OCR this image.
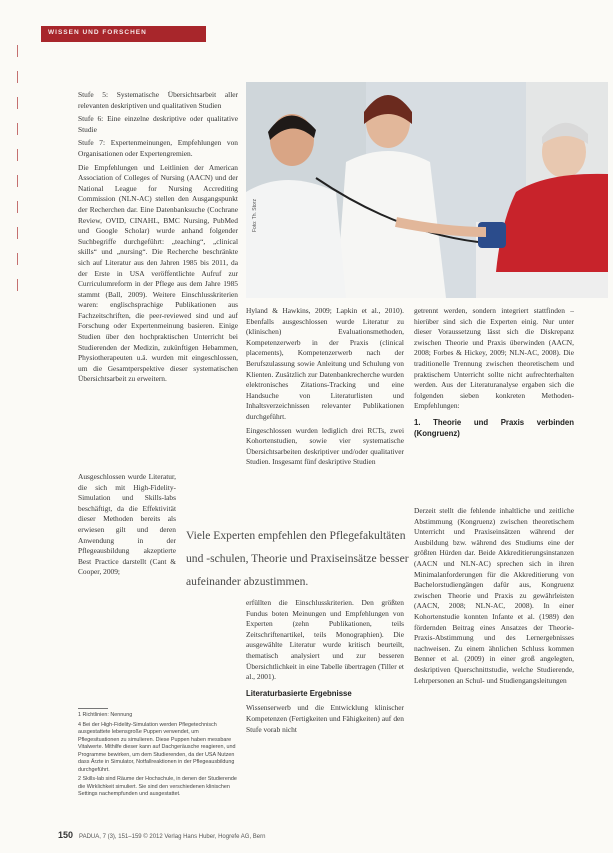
WISSEN UND FORSCHEN
Foto: Th. Storz

Stufe 5: Systematische Übersichtsarbeit aller relevanten deskriptiven und qualitativen Studien

Stufe 6: Eine einzelne deskriptive oder qualitative Studie

Stufe 7: Expertenmeinungen, Empfehlungen von Organisationen oder Expertengremien.

Die Empfehlungen und Leitlinien der American Association of Colleges of Nursing (AACN) und der National League for Nursing Accrediting Commission (NLN-AC) stellen den Ausgangspunkt der Recherchen dar. Eine Datenbanksuche (Cochrane Review, OVID, CINAHL, BMC Nursing, PubMed und Google Scholar) wurde anhand folgender Suchbegriffe durchgeführt: „teaching“, „clinical skills“ und „nursing“. Die Recherche beschränkte sich auf Literatur aus den Jahren 1985 bis 2011, da der Erste in USA veröffentlichte Aufruf zur Curriculumreform in der Pflege aus dem Jahre 1985 stammt (Ball, 2009). Weitere Einschlusskriterien waren: englischsprachige Publikationen aus Fachzeitschriften, die peer-reviewed sind und auf Forschung oder Expertenmeinung basieren. Einige Studien über den hochpraktischen Unterricht bei Studierenden der Medizin, zukünftigen Hebammen, Physiotherapeuten u.ä. wurden mit eingeschlossen, um die Gesamtperspektive dieser systematischen Übersichtsarbeit zu erweitern.

Ausgeschlossen wurde Literatur, die sich mit High-Fidelity-Simulation und Skills-labs beschäftigt, da die Effektivität dieser Methoden bereits als erwiesen gilt und deren Anwendung in der Pflegeausbildung akzeptierte Best Practice darstellt (Cant & Cooper, 2009;

Hyland & Hawkins, 2009; Lapkin et al., 2010). Ebenfalls ausgeschlossen wurde Literatur zu (klinischen) Evaluationsmethoden, Kompetenzerwerb in der Praxis (clinical placements), Kompetenzerwerb nach der Berufszulassung sowie Anleitung und Schulung von Klienten. Zusätzlich zur Datenbankrecherche wurden elektronisches Zitations-Tracking und eine Handsuche von Literaturlisten und Inhaltsverzeichnissen relevanter Publikationen durchgeführt.

Eingeschlossen wurden lediglich drei RCTs, zwei Kohortenstudien, sowie vier systematische Übersichtsarbeiten deskriptiver und/oder qualitativer Studien. Insgesamt fünf deskriptive Studien

Viele Experten empfehlen den Pflegefakultäten und -schulen, Theorie und Praxiseinsätze besser aufeinander abzustimmen.

erfüllten die Einschlusskriterien. Den größten Fundus boten Meinungen und Empfehlungen von Experten (zehn Publikationen, teils Zeitschriftenartikel, teils Monographien). Die ausgewählte Literatur wurde kritisch beurteilt, thematisch analysiert und zur besseren Übersichtlichkeit in eine Tabelle übertragen (Tiller et al., 2001).

Literaturbasierte Ergebnisse

Wissenserwerb und die Entwicklung klinischer Kompetenzen (Fertigkeiten und Fähigkeiten) auf den Stufe vorab nicht

getrennt werden, sondern integriert stattfinden – hierüber sind sich die Experten einig. Nur unter dieser Voraussetzung lässt sich die Diskrepanz zwischen Theorie und Praxis überwinden (AACN, 2008; Forbes & Hickey, 2009; NLN-AC, 2008). Die traditionelle Trennung zwischen theoretischem und praktischem Unterricht sollte nicht aufrechterhalten werden. Aus der Literaturanalyse ergaben sich die folgenden sieben konkreten Methoden-Empfehlungen:

1. Theorie und Praxis verbinden (Kongruenz)

Derzeit stellt die fehlende inhaltliche und zeitliche Abstimmung (Kongruenz) zwischen theoretischem Unterricht und Praxiseinsätzen während der Ausbildung bzw. während des Studiums eine der größten Hürden dar. Beide Akkreditierungsinstanzen (AACN und NLN-AC) sprechen sich in ihren Minimalanforderungen für die Akkreditierung von Bachelorstudiengängen dafür aus, Kongruenz zwischen Theorie und Praxis zu gewährleisten (AACN, 2008; NLN-AC, 2008). In einer Kohortenstudie konnten Infante et al. (1989) den fördernden Beitrag eines Ansatzes der Theorie-Praxis-Abstimmung und des Lernergebnisses nachweisen. Zu einem ähnlichen Schluss kommen Benner et al. (2009) in einer groß angelegten, deskriptiven Querschnittstudie, welche Studierende, Lehrpersonen an Schul- und Studiengangsleitungen

1 Richtlinien: Nennung

4 Bei der High-Fidelity-Simulation werden Pflegetechnisch ausgestattete lebensgroße Puppen verwendet, um Pflegesituationen zu simulieren. Diese Puppen haben messbare Vitalwerte. Mithilfe dieser kann auf Dachgeräusche reagieren, und Programme bewirken, um dem Studierenden, da der USA Nutzen dass Ärzte in Simulator, Notfallreaktionen in der Pflegeausbildung durchgeführt.

2 Skills-lab sind Räume der Hochschule, in denen der Studierende die Wirklichkeit simuliert. Sie sind den verschiedenen klinischen Settings nachempfunden und ausgestattet.

150 PADUA, 7 (3), 151–159 © 2012 Verlag Hans Huber, Hogrefe AG, Bern
